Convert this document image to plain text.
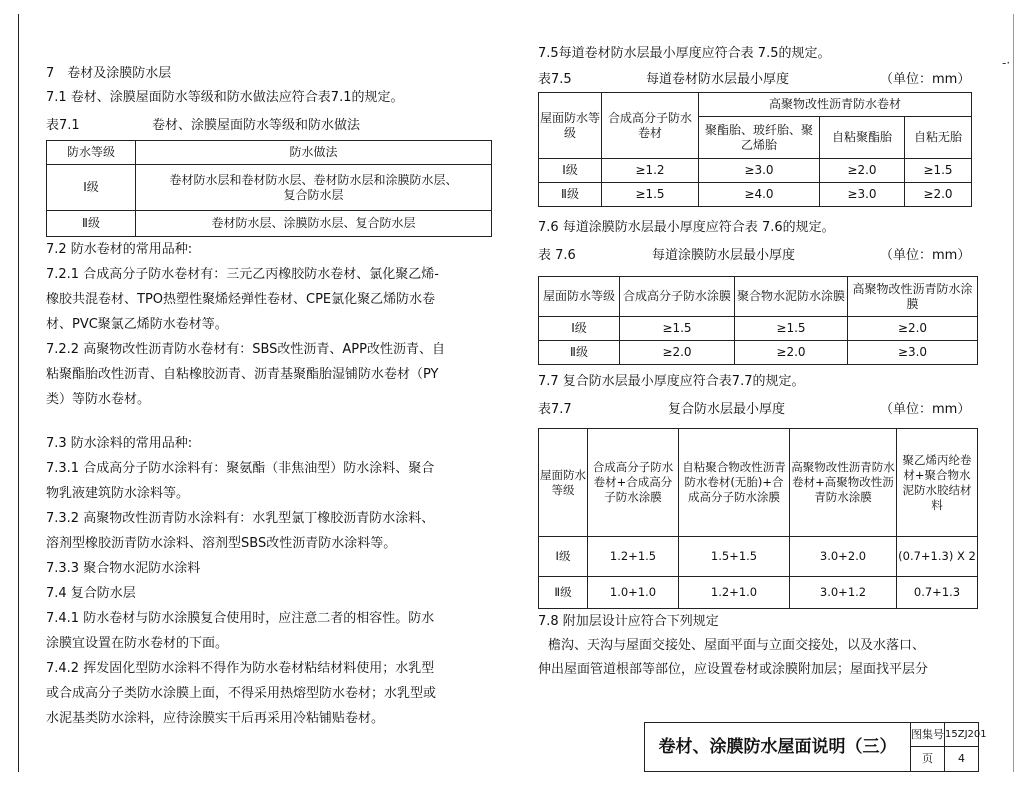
-·
7　卷材及涂膜防水层
7.1 卷材、涂膜屋面防水等级和防水做法应符合表7.1的规定。
表7.1	卷材、涂膜屋面防水等级和防水做法
防水等级	防水做法
Ⅰ级	卷材防水层和卷材防水层、卷材防水层和涂膜防水层、
复合防水层

Ⅱ级	卷材防水层、涂膜防水层、复合防水层
7.2 防水卷材的常用品种:
7.2.1 合成高分子防水卷材有：三元乙丙橡胶防水卷材、氯化聚乙烯-
橡胶共混卷材、TPO热塑性聚烯烃弹性卷材、CPE氯化聚乙烯防水卷
材、PVC聚氯乙烯防水卷材等。
7.2.2 高聚物改性沥青防水卷材有：SBS改性沥青、APP改性沥青、自
粘聚酯胎改性沥青、自粘橡胶沥青、沥青基聚酯胎湿铺防水卷材（PY
类）等防水卷材。
7.3 防水涂料的常用品种:
7.3.1 合成高分子防水涂料有：聚氨酯（非焦油型）防水涂料、聚合
物乳液建筑防水涂料等。
7.3.2 高聚物改性沥青防水涂料有：水乳型氯丁橡胶沥青防水涂料、
溶剂型橡胶沥青防水涂料、溶剂型SBS改性沥青防水涂料等。
7.3.3 聚合物水泥防水涂料
7.4 复合防水层
7.4.1 防水卷材与防水涂膜复合使用时，应注意二者的相容性。防水
涂膜宜设置在防水卷材的下面。
7.4.2 挥发固化型防水涂料不得作为防水卷材粘结材料使用；水乳型
或合成高分子类防水涂膜上面，不得采用热熔型防水卷材；水乳型或
水泥基类防水涂料，应待涂膜实干后再采用冷粘铺贴卷材。
7.5每道卷材防水层最小厚度应符合表 7.5的规定。
表7.5	每道卷材防水层最小厚度	（单位：mm）
屋面防水等级	合成高分子防水卷材	高聚物改性沥青防水卷材		
		聚酯胎、玻纤胎、聚乙烯胎	自粘聚酯胎	自粘无胎
Ⅰ级	≥1.2	≥3.0	≥2.0	≥1.5
Ⅱ级	≥1.5	≥4.0	≥3.0	≥2.0
7.6 每道涂膜防水层最小厚度应符合表 7.6的规定。
表 7.6	每道涂膜防水层最小厚度	（单位：mm）
屋面防水等级	合成高分子防水涂膜	聚合物水泥防水涂膜	高聚物改性沥青防水涂膜
Ⅰ级	≥1.5	≥1.5	≥2.0
Ⅱ级	≥2.0	≥2.0	≥3.0
7.7 复合防水层最小厚度应符合表7.7的规定。
表7.7	复合防水层最小厚度	（单位：mm）
屋面防水等级	合成高分子防水卷材+合成高分子防水涂膜	自粘聚合物改性沥青防水卷材(无胎)+合成高分子防水涂膜	高聚物改性沥青防水卷材+高聚物改性沥青防水涂膜	聚乙烯丙纶卷材+聚合物水泥防水胶结材料
Ⅰ级	1.2+1.5	1.5+1.5	3.0+2.0	(0.7+1.3) X 2
Ⅱ级	1.0+1.0	1.2+1.0	3.0+1.2	0.7+1.3
7.8 附加层设计应符合下列规定
檐沟、天沟与屋面交接处、屋面平面与立面交接处，以及水落口、
伸出屋面管道根部等部位，应设置卷材或涂膜附加层；屋面找平层分
卷材、涂膜防水屋面说明（三）
图集号 15ZJ201
页	4
